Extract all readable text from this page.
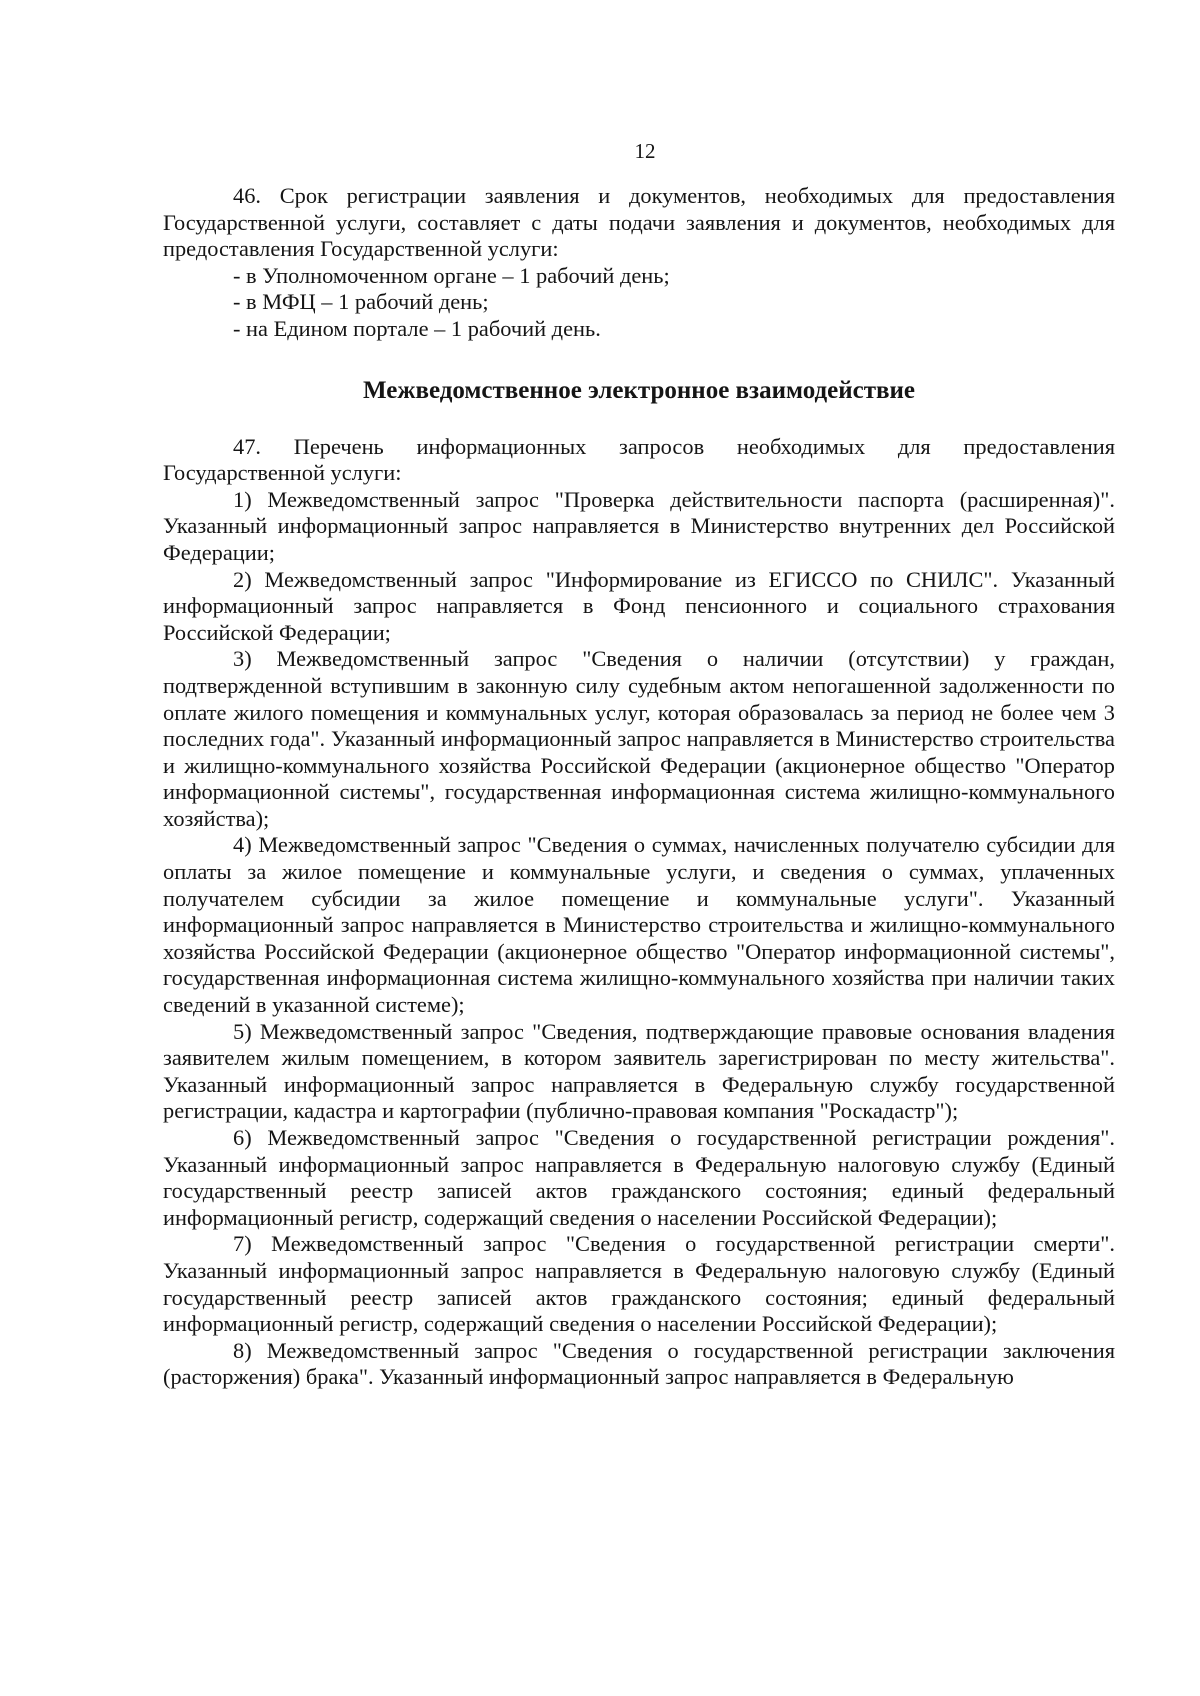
12

46. Срок регистрации заявления и документов, необходимых для предоставления Государственной услуги, составляет с даты подачи заявления и документов, необходимых для предоставления Государственной услуги:

- в Уполномоченном органе – 1 рабочий день;

- в МФЦ – 1 рабочий день;

- на Едином портале – 1 рабочий день.

Межведомственное электронное взаимодействие

47. Перечень информационных запросов необходимых для предоставления Государственной услуги:

1) Межведомственный запрос "Проверка действительности паспорта (расширенная)". Указанный информационный запрос направляется в Министерство внутренних дел Российской Федерации;

2) Межведомственный запрос "Информирование из ЕГИССО по СНИЛС". Указанный информационный запрос направляется в Фонд пенсионного и социального страхования Российской Федерации;

3) Межведомственный запрос "Сведения о наличии (отсутствии) у граждан, подтвержденной вступившим в законную силу судебным актом непогашенной задолженности по оплате жилого помещения и коммунальных услуг, которая образовалась за период не более чем 3 последних года". Указанный информационный запрос направляется в Министерство строительства и жилищно-коммунального хозяйства Российской Федерации (акционерное общество "Оператор информационной системы", государственная информационная система жилищно-коммунального хозяйства);

4) Межведомственный запрос "Сведения о суммах, начисленных получателю субсидии для оплаты за жилое помещение и коммунальные услуги, и сведения о суммах, уплаченных получателем субсидии за жилое помещение и коммунальные услуги". Указанный информационный запрос направляется в Министерство строительства и жилищно-коммунального хозяйства Российской Федерации (акционерное общество "Оператор информационной системы", государственная информационная система жилищно-коммунального хозяйства при наличии таких сведений в указанной системе);

5) Межведомственный запрос "Сведения, подтверждающие правовые основания владения заявителем жилым помещением, в котором заявитель зарегистрирован по месту жительства". Указанный информационный запрос направляется в Федеральную службу государственной регистрации, кадастра и картографии (публично-правовая компания "Роскадастр");

6) Межведомственный запрос "Сведения о государственной регистрации рождения". Указанный информационный запрос направляется в Федеральную налоговую службу (Единый государственный реестр записей актов гражданского состояния; единый федеральный информационный регистр, содержащий сведения о населении Российской Федерации);

7) Межведомственный запрос "Сведения о государственной регистрации смерти". Указанный информационный запрос направляется в Федеральную налоговую службу (Единый государственный реестр записей актов гражданского состояния; единый федеральный информационный регистр, содержащий сведения о населении Российской Федерации);

8) Межведомственный запрос "Сведения о государственной регистрации заключения (расторжения) брака". Указанный информационный запрос направляется в Федеральную
